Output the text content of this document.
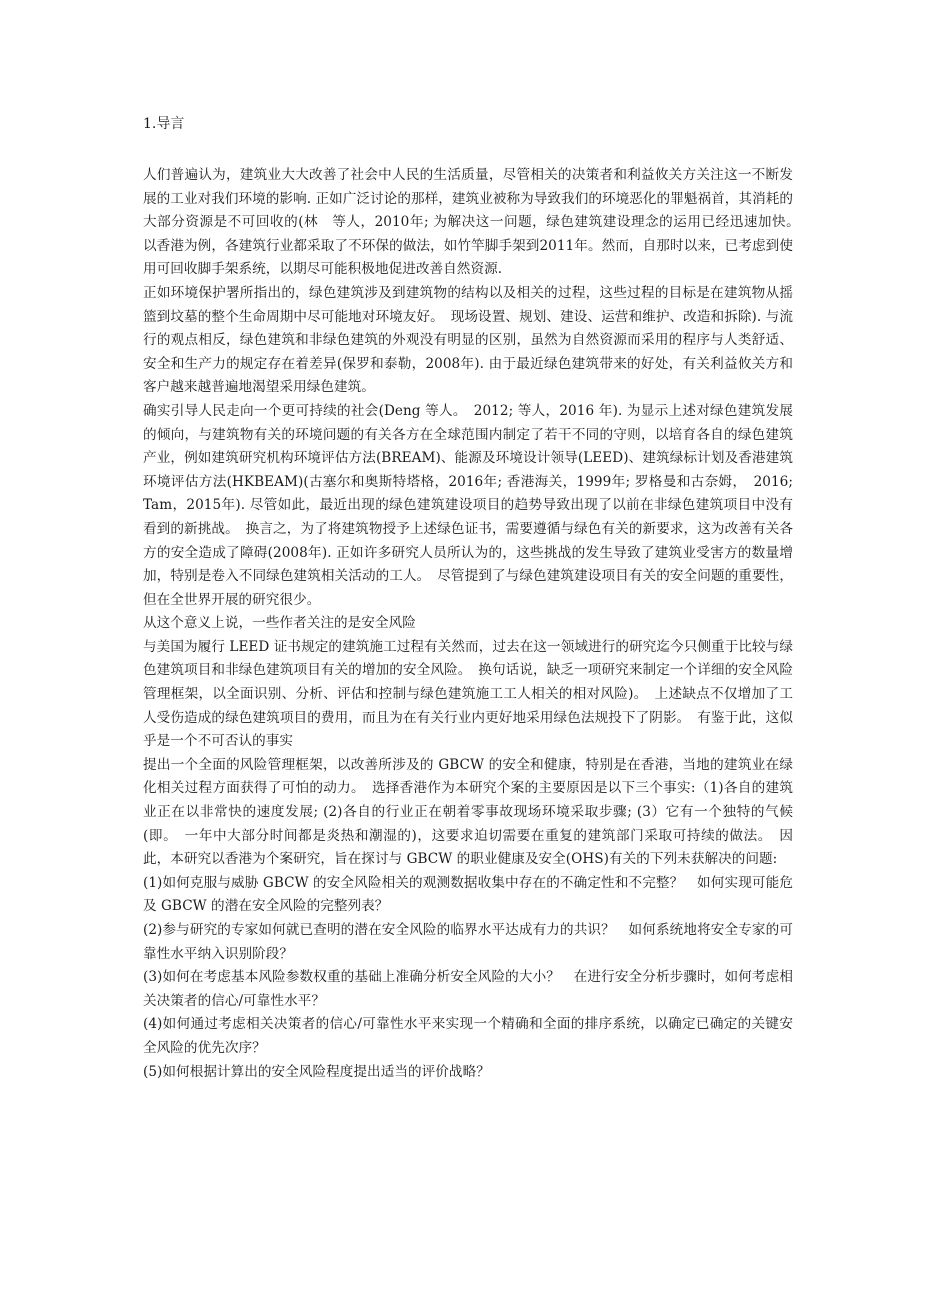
1.导言

人们普遍认为，建筑业大大改善了社会中人民的生活质量，尽管相关的决策者和利益攸关方关注这一不断发展的工业对我们环境的影响. 正如广泛讨论的那样，建筑业被称为导致我们的环境恶化的罪魁祸首，其消耗的大部分资源是不可回收的(林　等人，2010年; 为解决这一问题，绿色建筑建设理念的运用已经迅速加快。　以香港为例，各建筑行业都采取了不环保的做法，如竹竿脚手架到2011年。然而，自那时以来，已考虑到使用可回收脚手架系统，以期尽可能积极地促进改善自然资源.

正如环境保护署所指出的，绿色建筑涉及到建筑物的结构以及相关的过程，这些过程的目标是在建筑物从摇篮到坟墓的整个生命周期中尽可能地对环境友好。　现场设置、规划、建设、运营和维护、改造和拆除). 与流行的观点相反，绿色建筑和非绿色建筑的外观没有明显的区别，虽然为自然资源而采用的程序与人类舒适、安全和生产力的规定存在着差异(保罗和泰勒，2008年). 由于最近绿色建筑带来的好处，有关利益攸关方和客户越来越普遍地渴望采用绿色建筑。

确实引导人民走向一个更可持续的社会(Deng 等人。　2012; 等人，2016 年). 为显示上述对绿色建筑发展的倾向，与建筑物有关的环境问题的有关各方在全球范围内制定了若干不同的守则，以培育各自的绿色建筑产业，例如建筑研究机构环境评估方法(BREAM)、能源及环境设计领导(LEED)、建筑绿标计划及香港建筑环境评估方法(HKBEAM)(古塞尔和奥斯特塔格，2016年; 香港海关，1999年; 罗格曼和古奈姆，　2016; Tam，2015年). 尽管如此，最近出现的绿色建筑建设项目的趋势导致出现了以前在非绿色建筑项目中没有看到的新挑战。　换言之，为了将建筑物授予上述绿色证书，需要遵循与绿色有关的新要求，这为改善有关各方的安全造成了障碍(2008年). 正如许多研究人员所认为的，这些挑战的发生导致了建筑业受害方的数量增加，特别是卷入不同绿色建筑相关活动的工人。　尽管提到了与绿色建筑建设项目有关的安全问题的重要性，但在全世界开展的研究很少。

从这个意义上说，一些作者关注的是安全风险

与美国为履行 LEED 证书规定的建筑施工过程有关然而，过去在这一领域进行的研究迄今只侧重于比较与绿色建筑项目和非绿色建筑项目有关的增加的安全风险。　换句话说，缺乏一项研究来制定一个详细的安全风险管理框架，以全面识别、分析、评估和控制与绿色建筑施工工人相关的相对风险)。　上述缺点不仅增加了工人受伤造成的绿色建筑项目的费用，而且为在有关行业内更好地采用绿色法规投下了阴影。　有鉴于此，这似乎是一个不可否认的事实

提出一个全面的风险管理框架，以改善所涉及的 GBCW 的安全和健康，特别是在香港，当地的建筑业在绿化相关过程方面获得了可怕的动力。　选择香港作为本研究个案的主要原因是以下三个事实:（1)各自的建筑业正在以非常快的速度发展; (2)各自的行业正在朝着零事故现场环境采取步骤; (3）它有一个独特的气候(即。　一年中大部分时间都是炎热和潮湿的)，这要求迫切需要在重复的建筑部门采取可持续的做法。　因此，本研究以香港为个案研究，旨在探讨与 GBCW 的职业健康及安全(OHS)有关的下列未获解决的问题:

(1)如何克服与威胁 GBCW 的安全风险相关的观测数据收集中存在的不确定性和不完整？　如何实现可能危及 GBCW 的潜在安全风险的完整列表？

(2)参与研究的专家如何就已查明的潜在安全风险的临界水平达成有力的共识？　如何系统地将安全专家的可靠性水平纳入识别阶段？

(3)如何在考虑基本风险参数权重的基础上准确分析安全风险的大小？　在进行安全分析步骤时，如何考虑相关决策者的信心/可靠性水平？

(4)如何通过考虑相关决策者的信心/可靠性水平来实现一个精确和全面的排序系统，以确定已确定的关键安全风险的优先次序？

(5)如何根据计算出的安全风险程度提出适当的评价战略？
